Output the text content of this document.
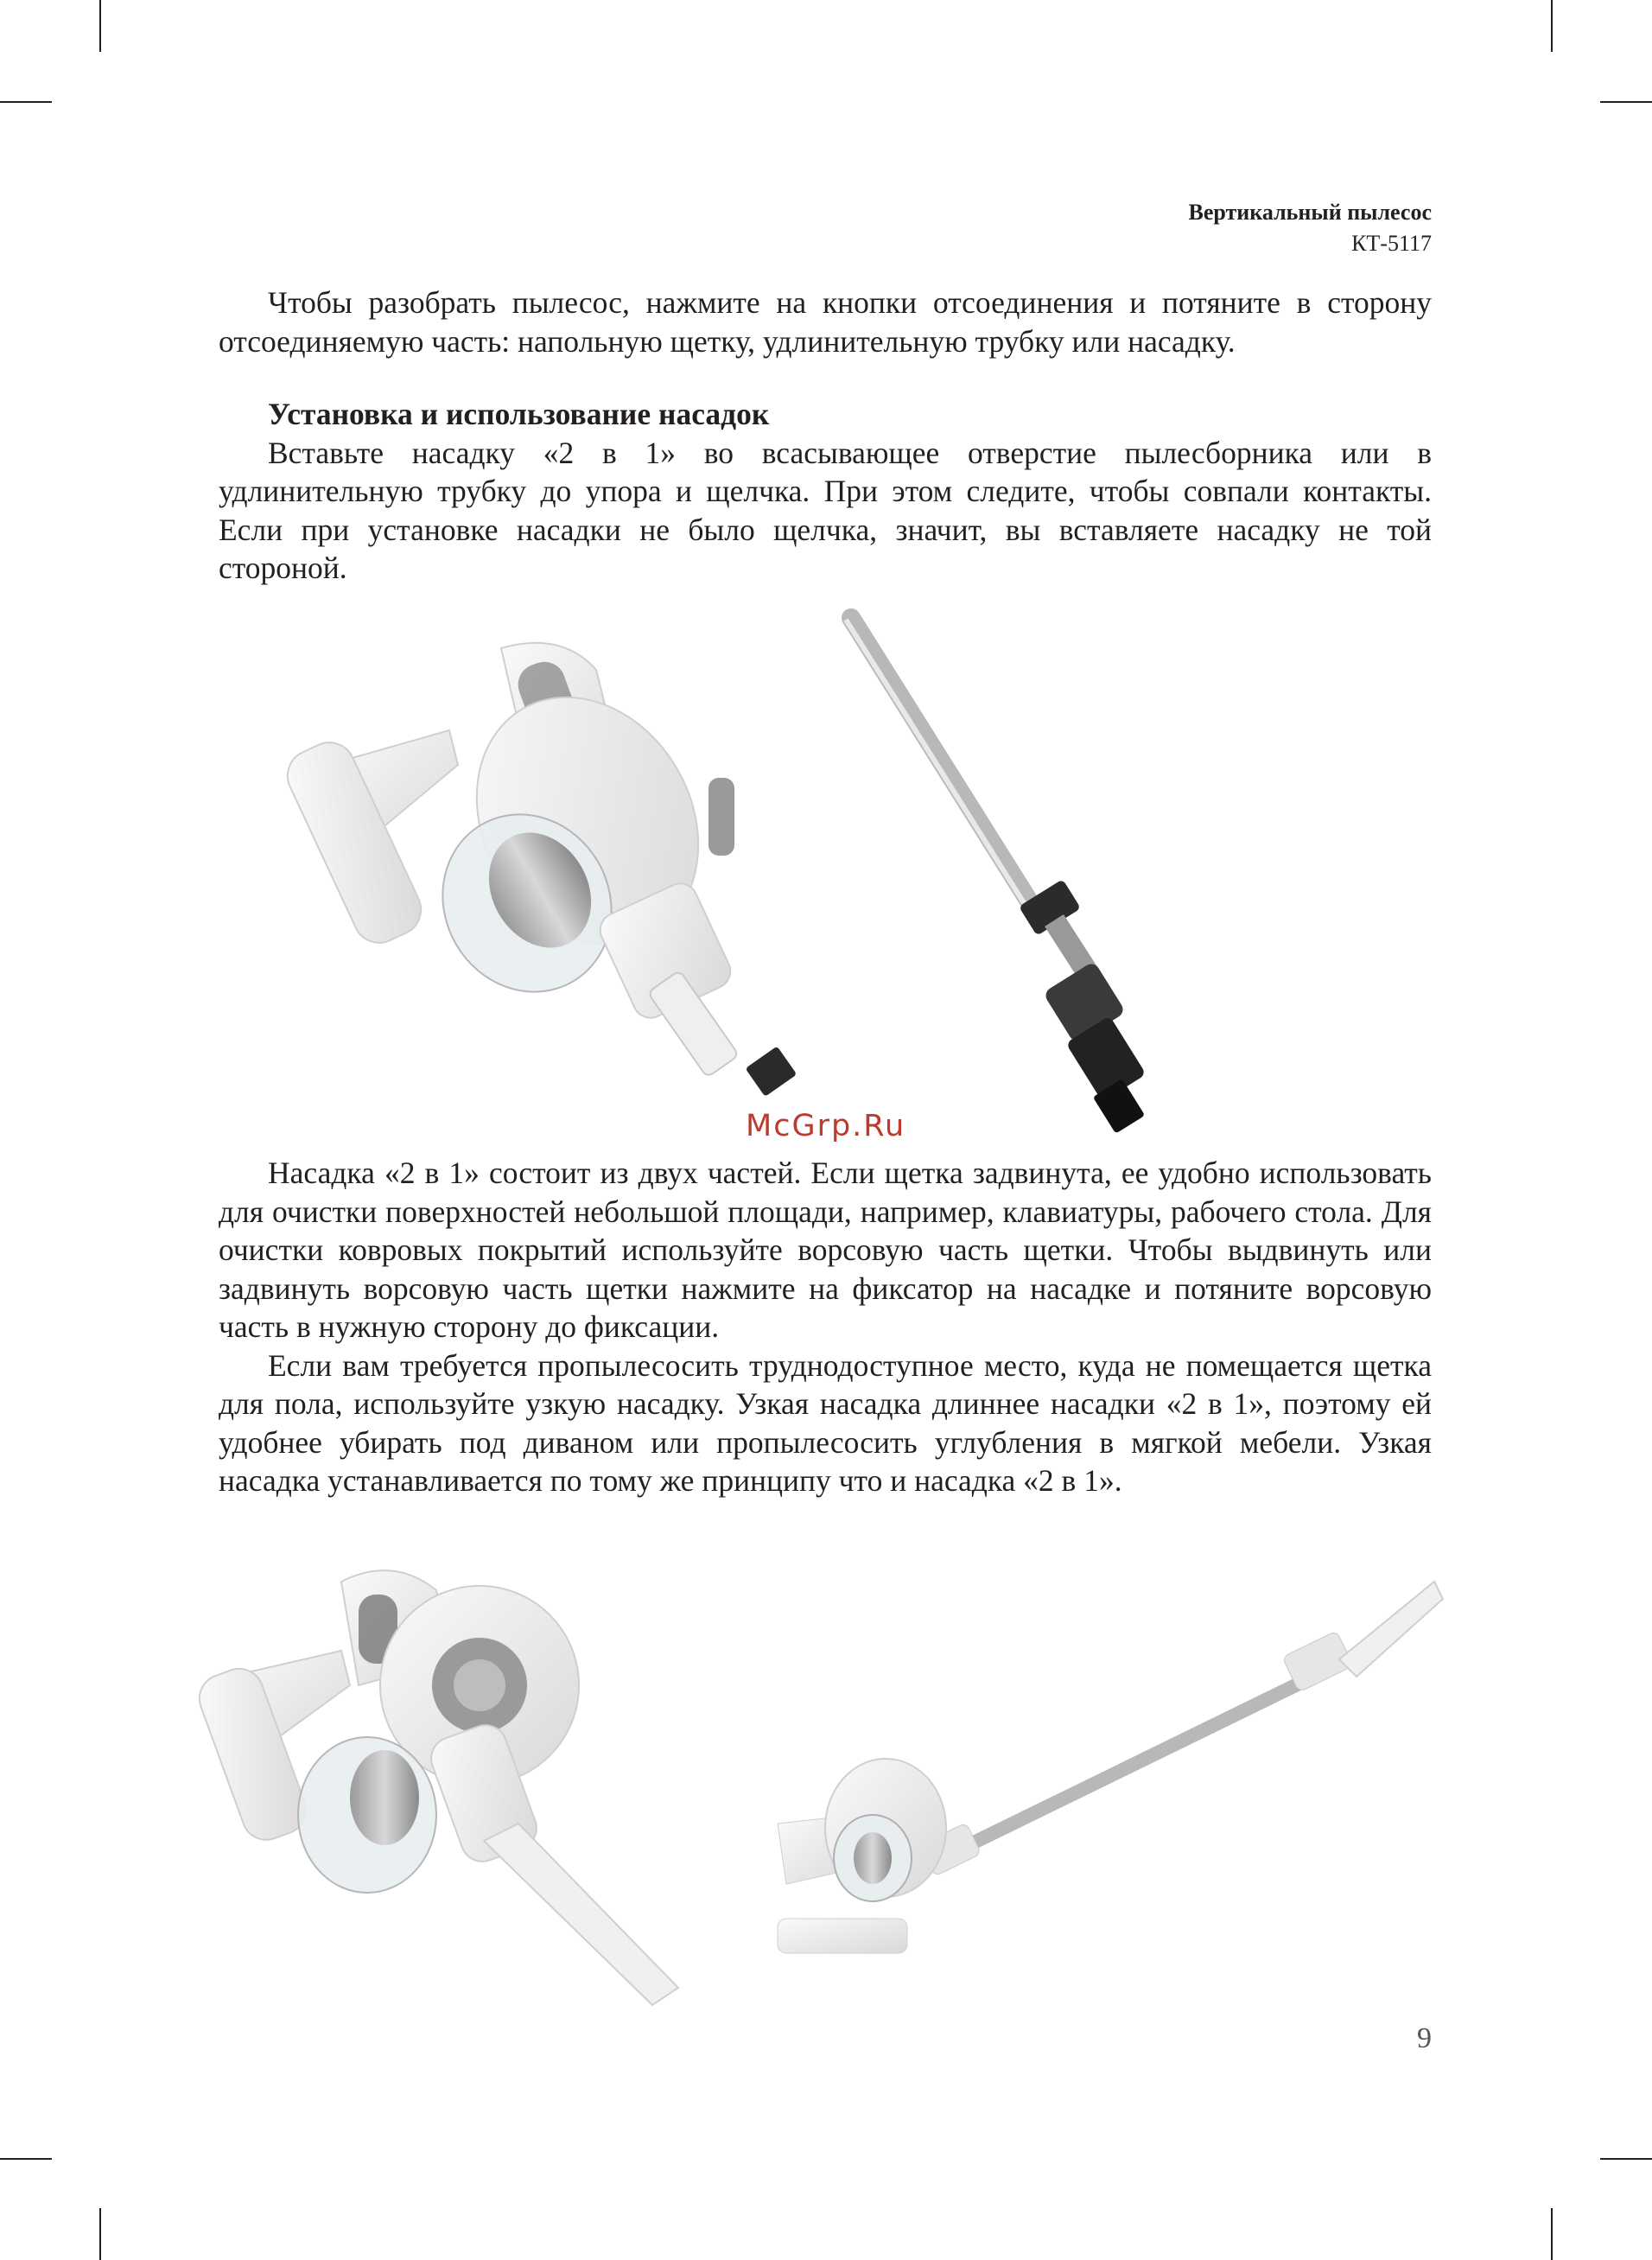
Вертикальный пылесос
КТ-5117

Чтобы разобрать пылесос, нажмите на кнопки отсоединения и потяните в сторону отсоединяемую часть: напольную щетку, удлинительную трубку или насадку.

Установка и использование насадок

Вставьте насадку «2 в 1» во всасывающее отверстие пылесборника или в удлинительную трубку до упора и щелчка. При этом следите, чтобы совпали контакты. Если при установке насадки не было щелчка, значит, вы вставляете насадку не той стороной.

McGrp.Ru

Насадка «2 в 1» состоит из двух частей. Если щетка задвинута, ее удобно использовать для очистки поверхностей небольшой площади, например, клавиатуры, рабочего стола. Для очистки ковровых покрытий используйте ворсовую часть щетки. Чтобы выдвинуть или задвинуть ворсовую часть щетки нажмите на фиксатор на насадке и потяните ворсовую часть в нужную сторону до фиксации.

Если вам требуется пропылесосить труднодоступное место, куда не помещается щетка для пола, используйте узкую насадку. Узкая насадка длиннее насадки «2 в 1», поэтому ей удобнее убирать под диваном или пропылесосить углубления в мягкой мебели. Узкая насадка устанавливается по тому же принципу что и насадка «2 в 1».

9
